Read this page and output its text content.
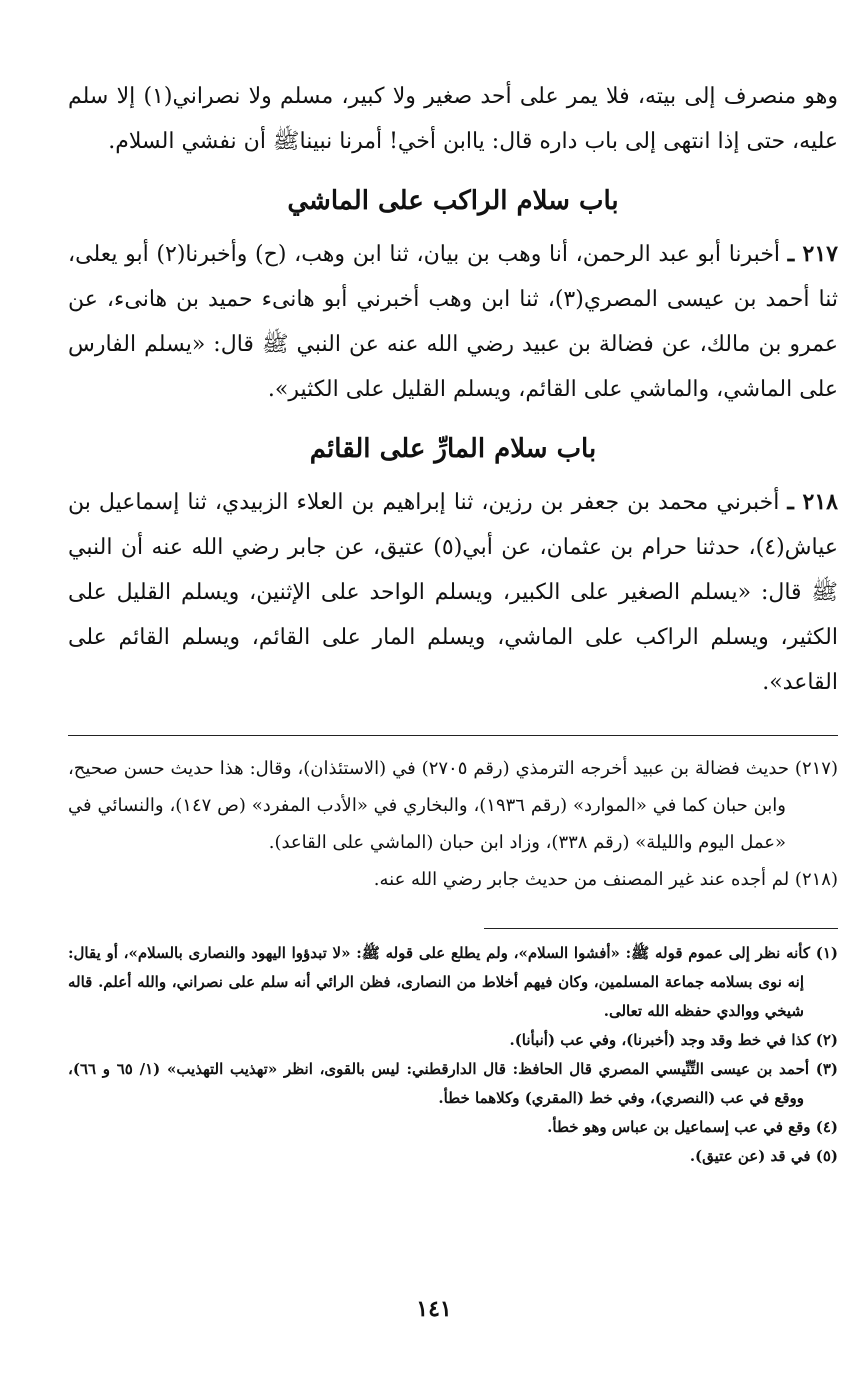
وهو منصرف إلى بيته، فلا يمر على أحد صغير ولا كبير، مسلم ولا نصراني(١) إلا سلم عليه، حتى إذا انتهى إلى باب داره قال: ياابن أخي! أمرنا نبيناﷺ أن نفشي السلام.

باب سلام الراكب على الماشي

٢١٧ ـ أخبرنا أبو عبد الرحمن، أنا وهب بن بيان، ثنا ابن وهب، (ح) وأخبرنا(٢) أبو يعلى، ثنا أحمد بن عيسى المصري(٣)، ثنا ابن وهب أخبرني أبو هانىء حميد بن هانىء، عن عمرو بن مالك، عن فضالة بن عبيد رضي الله عنه عن النبي ﷺ قال: «يسلم الفارس على الماشي، والماشي على القائم، ويسلم القليل على الكثير».

باب سلام المارِّ على القائم

٢١٨ ـ أخبرني محمد بن جعفر بن رزين، ثنا إبراهيم بن العلاء الزبيدي، ثنا إسماعيل بن عياش(٤)، حدثنا حرام بن عثمان، عن أبي(٥) عتيق، عن جابر رضي الله عنه أن النبي ﷺ قال: «يسلم الصغير على الكبير، ويسلم الواحد على الإثنين، ويسلم القليل على الكثير، ويسلم الراكب على الماشي، ويسلم المار على القائم، ويسلم القائم على القاعد».

(٢١٧) حديث فضالة بن عبيد أخرجه الترمذي (رقم ٢٧٠٥) في (الاستئذان)، وقال: هذا حديث حسن صحيح، وابن حبان كما في «الموارد» (رقم ١٩٣٦)، والبخاري في «الأدب المفرد» (ص ١٤٧)، والنسائي في «عمل اليوم والليلة» (رقم ٣٣٨)، وزاد ابن حبان (الماشي على القاعد).

(٢١٨) لم أجده عند غير المصنف من حديث جابر رضي الله عنه.

(١) كأنه نظر إلى عموم قوله ﷺ: «أفشوا السلام»، ولم يطلع على قوله ﷺ: «لا تبدؤوا اليهود والنصارى بالسلام»، أو يقال: إنه نوى بسلامه جماعة المسلمين، وكان فيهم أخلاط من النصارى، فظن الرائي أنه سلم على نصراني، والله أعلم. قاله شيخي ووالدي حفظه الله تعالى.

(٢) كذا في خط وقد وجد (أخبرنا)، وفي عب (أنبأنا).

(٣) أحمد بن عيسى التِّنِّيسي المصري قال الحافظ: قال الدارقطني: ليس بالقوى، انظر «تهذيب التهذيب» (١/ ٦٥ و ٦٦)، ووقع في عب (النصري)، وفي خط (المقري) وكلاهما خطأ.

(٤) وقع في عب إسماعيل بن عباس وهو خطأ.

(٥) في قد (عن عتيق).

١٤١
